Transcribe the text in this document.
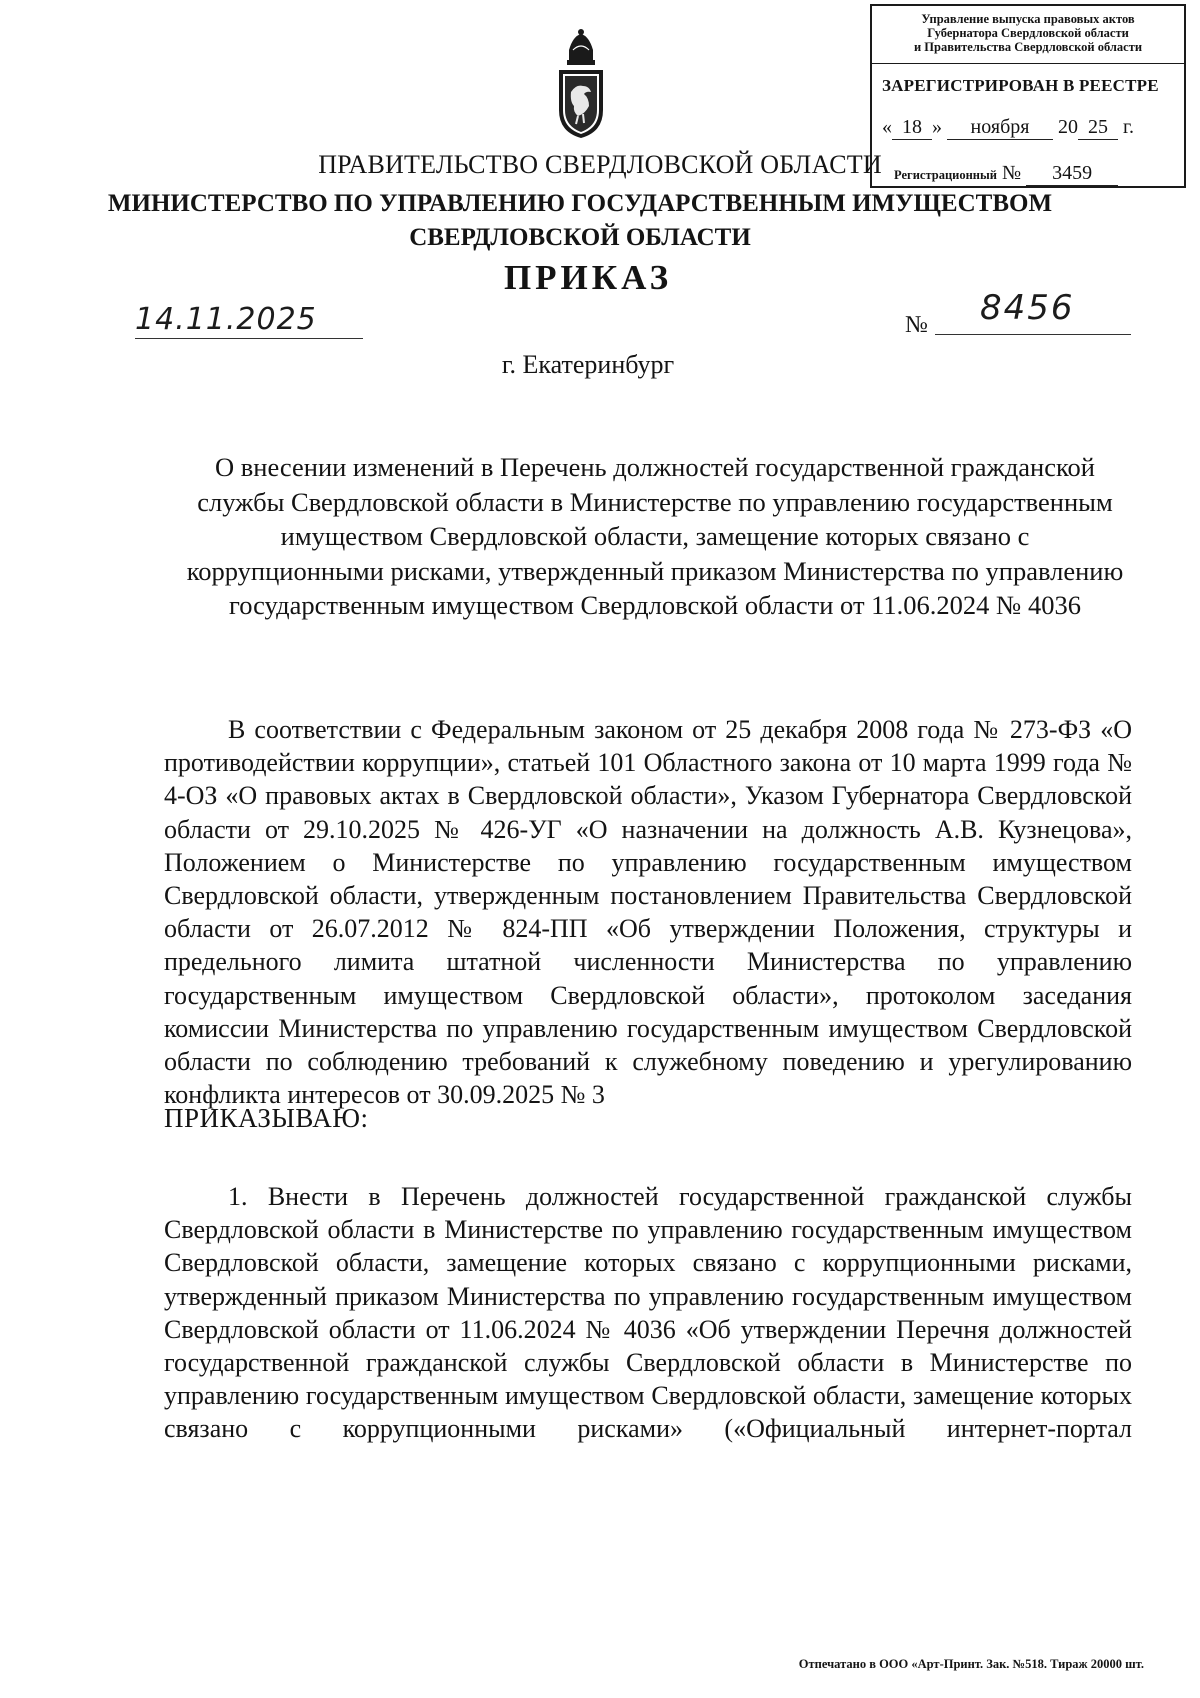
Управление выпуска правовых актов
Губернатора Свердловской области
и Правительства Свердловской области
ЗАРЕГИСТРИРОВАН В РЕЕСТРЕ
« 18 » ноября 20 25 г.
Регистрационный № 3459
ПРАВИТЕЛЬСТВО СВЕРДЛОВСКОЙ ОБЛАСТИ
МИНИСТЕРСТВО ПО УПРАВЛЕНИЮ ГОСУДАРСТВЕННЫМ ИМУЩЕСТВОМ СВЕРДЛОВСКОЙ ОБЛАСТИ
ПРИКАЗ
14.11.2025	№ 8456
г. Екатеринбург
О внесении изменений в Перечень должностей государственной гражданской службы Свердловской области в Министерстве по управлению государственным имуществом Свердловской области, замещение которых связано с коррупционными рисками, утвержденный приказом Министерства по управлению государственным имуществом Свердловской области от 11.06.2024 № 4036
В соответствии с Федеральным законом от 25 декабря 2008 года № 273-ФЗ «О противодействии коррупции», статьей 101 Областного закона от 10 марта 1999 года № 4-ОЗ «О правовых актах в Свердловской области», Указом Губернатора Свердловской области от 29.10.2025 № 426-УГ «О назначении на должность А.В. Кузнецова», Положением о Министерстве по управлению государственным имуществом Свердловской области, утвержденным постановлением Правительства Свердловской области от 26.07.2012 № 824-ПП «Об утверждении Положения, структуры и предельного лимита штатной численности Министерства по управлению государственным имуществом Свердловской области», протоколом заседания комиссии Министерства по управлению государственным имуществом Свердловской области по соблюдению требований к служебному поведению и урегулированию конфликта интересов от 30.09.2025 № 3
ПРИКАЗЫВАЮ:
1. Внести в Перечень должностей государственной гражданской службы Свердловской области в Министерстве по управлению государственным имуществом Свердловской области, замещение которых связано с коррупционными рисками, утвержденный приказом Министерства по управлению государственным имуществом Свердловской области от 11.06.2024 № 4036 «Об утверждении Перечня должностей государственной гражданской службы Свердловской области в Министерстве по управлению государственным имуществом Свердловской области, замещение которых связано с коррупционными рисками» («Официальный интернет-портал
Отпечатано в ООО «Арт-Принт. Зак. №518. Тираж 20000 шт.
